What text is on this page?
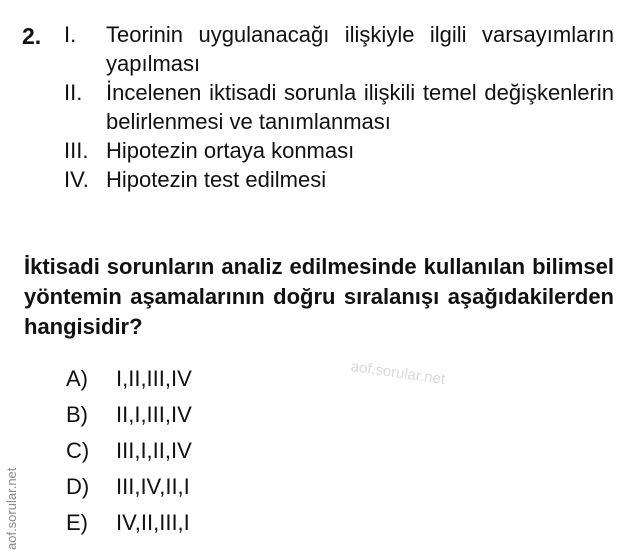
2. I.	Teorinin uygulanacağı ilişkiyle ilgili varsayımların yapılması
II.	İncelenen iktisadi sorunla ilişkili temel değişkenlerin belirlenmesi ve tanımlanması
III. Hipotezin ortaya konması
IV. Hipotezin test edilmesi
İktisadi sorunların analiz edilmesinde kullanılan bilimsel yöntemin aşamalarının doğru sıralanışı aşağıdakilerden hangisidir?
aof.sorular.net
A)	I,II,III,IV
B)	II,I,III,IV
C)	III,I,II,IV
D)	III,IV,II,I
E)	IV,II,III,I
aof.sorular.net
